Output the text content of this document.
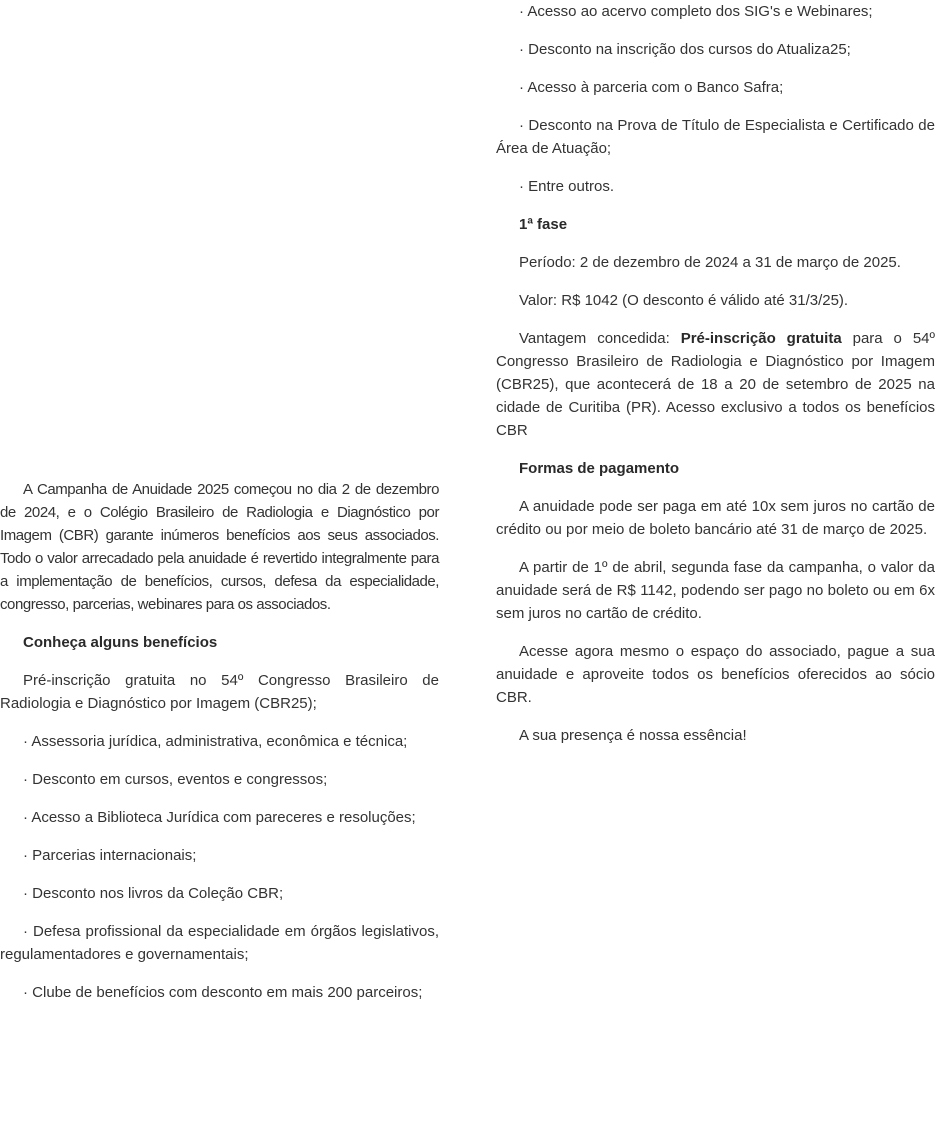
A Campanha de Anuidade 2025 começou no dia 2 de dezembro de 2024, e o Colégio Brasileiro de Radiologia e Diagnóstico por Imagem (CBR) garante inúmeros benefícios aos seus associados. Todo o valor arrecadado pela anuidade é revertido integralmente para a implementação de benefícios, cursos, defesa da especialidade, congresso, parcerias, webinares para os associados.

Conheça alguns benefícios

Pré-inscrição gratuita no 54º Congresso Brasileiro de Radiologia e Diagnóstico por Imagem (CBR25);

· Assessoria jurídica, administrativa, econômica e técnica;

· Desconto em cursos, eventos e congressos;

· Acesso a Biblioteca Jurídica com pareceres e resoluções;

· Parcerias internacionais;

· Desconto nos livros da Coleção CBR;

· Defesa profissional da especialidade em órgãos legislativos, regulamentadores e governamentais;

· Clube de benefícios com desconto em mais 200 parceiros;

· Acesso ao acervo completo dos SIG's e Webinares;

· Desconto na inscrição dos cursos do Atualiza25;

· Acesso à parceria com o Banco Safra;

· Desconto na Prova de Título de Especialista e Certificado de Área de Atuação;

· Entre outros.

1ª fase

Período: 2 de dezembro de 2024 a 31 de março de 2025.

Valor: R$ 1042 (O desconto é válido até 31/3/25).

Vantagem concedida: Pré-inscrição gratuita para o 54º Congresso Brasileiro de Radiologia e Diagnóstico por Imagem (CBR25), que acontecerá de 18 a 20 de setembro de 2025 na cidade de Curitiba (PR). Acesso exclusivo a todos os benefícios CBR

Formas de pagamento

A anuidade pode ser paga em até 10x sem juros no cartão de crédito ou por meio de boleto bancário até 31 de março de 2025.

A partir de 1º de abril, segunda fase da campanha, o valor da anuidade será de R$ 1142, podendo ser pago no boleto ou em 6x sem juros no cartão de crédito.

Acesse agora mesmo o espaço do associado, pague a sua anuidade e aproveite todos os benefícios oferecidos ao sócio CBR.

A sua presença é nossa essência!
